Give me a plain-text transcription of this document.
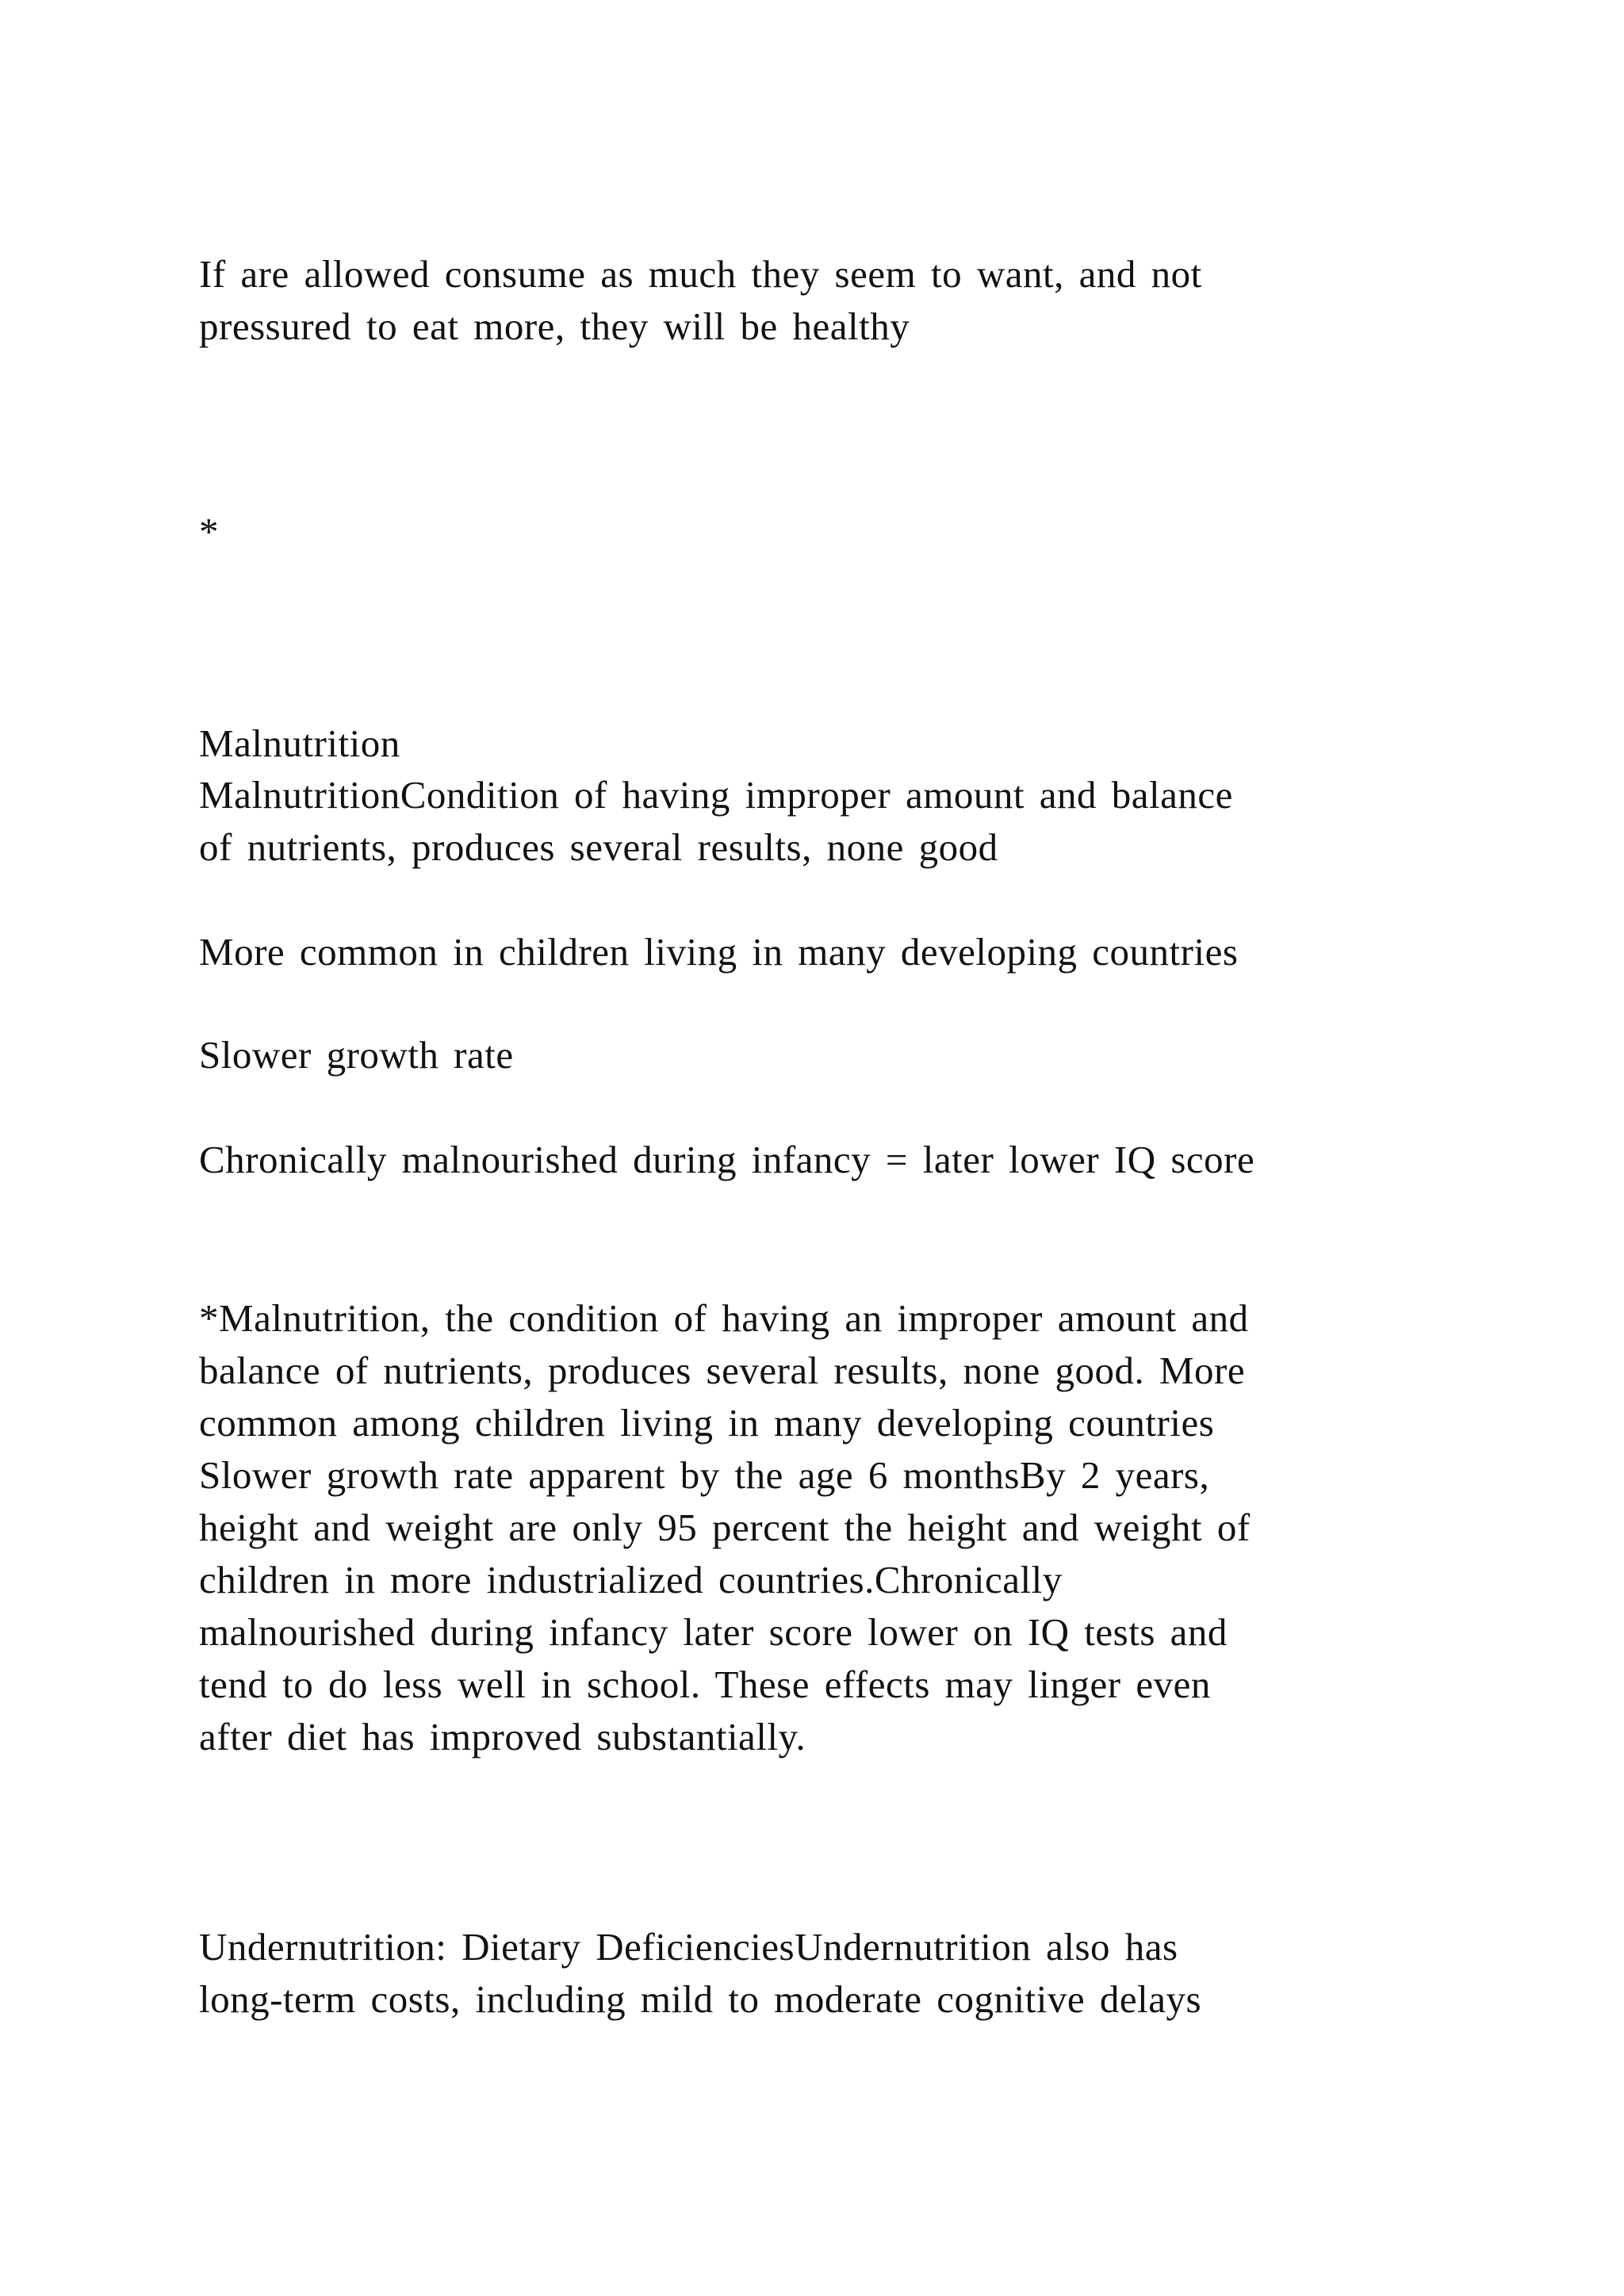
If are allowed consume as much they seem to want, and not
pressured to eat more, they will be healthy
*
Malnutrition
MalnutritionCondition of having improper amount and balance
of nutrients, produces several results, none good
More common in children living in many developing countries
Slower growth rate
Chronically malnourished during infancy = later lower IQ score
*Malnutrition, the condition of having an improper amount and
balance of nutrients, produces several results, none good. More
common among children living in many developing countries
Slower growth rate apparent by the age 6 monthsBy 2 years,
height and weight are only 95 percent the height and weight of
children in more industrialized countries.Chronically
malnourished during infancy later score lower on IQ tests and
tend to do less well in school. These effects may linger even
after diet has improved substantially.
Undernutrition: Dietary DeficienciesUndernutrition also has
long-term costs, including mild to moderate cognitive delays
